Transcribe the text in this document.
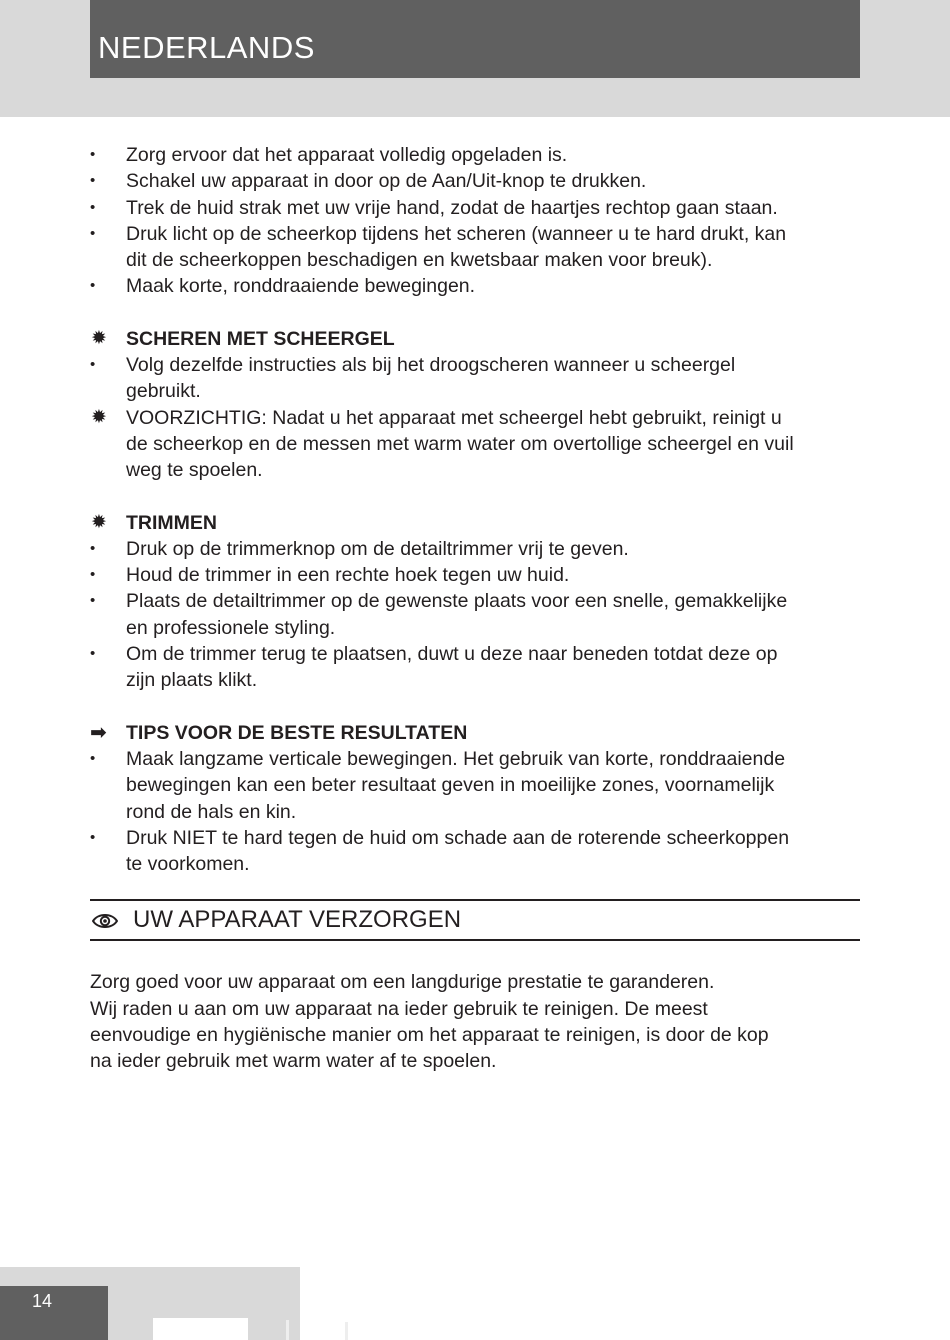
NEDERLANDS
•	Zorg ervoor dat het apparaat volledig opgeladen is.
•	Schakel uw apparaat in door op de Aan/Uit-knop te drukken.
•	Trek de huid strak met uw vrije hand, zodat de haartjes rechtop gaan staan.
•	Druk licht op de scheerkop tijdens het scheren (wanneer u te hard drukt, kan
dit de scheerkoppen beschadigen en kwetsbaar maken voor breuk).
•	Maak korte, ronddraaiende bewegingen.
✹ SCHEREN MET SCHEERGEL
•	Volg dezelfde instructies als bij het droogscheren wanneer u scheergel
gebruikt.
✹ VOORZICHTIG: Nadat u het apparaat met scheergel hebt gebruikt, reinigt u
de scheerkop en de messen met warm water om overtollige scheergel en vuil
weg te spoelen.
✹ TRIMMEN
•	Druk op de trimmerknop om de detailtrimmer vrij te geven.
•	Houd de trimmer in een rechte hoek tegen uw huid.
•	Plaats de detailtrimmer op de gewenste plaats voor een snelle, gemakkelijke
en professionele styling.
•	Om de trimmer terug te plaatsen, duwt u deze naar beneden totdat deze op
zijn plaats klikt.
➡ TIPS VOOR DE BESTE RESULTATEN
•	Maak langzame verticale bewegingen. Het gebruik van korte, ronddraaiende
bewegingen kan een beter resultaat geven in moeilijke zones, voornamelijk
rond de hals en kin.
•	Druk NIET te hard tegen de huid om schade aan de roterende scheerkoppen
te voorkomen.
UW APPARAAT VERZORGEN
Zorg goed voor uw apparaat om een langdurige prestatie te garanderen.
Wij raden u aan om uw apparaat na ieder gebruik te reinigen. De meest
eenvoudige en hygiënische manier om het apparaat te reinigen, is door de kop
na ieder gebruik met warm water af te spoelen.
14
